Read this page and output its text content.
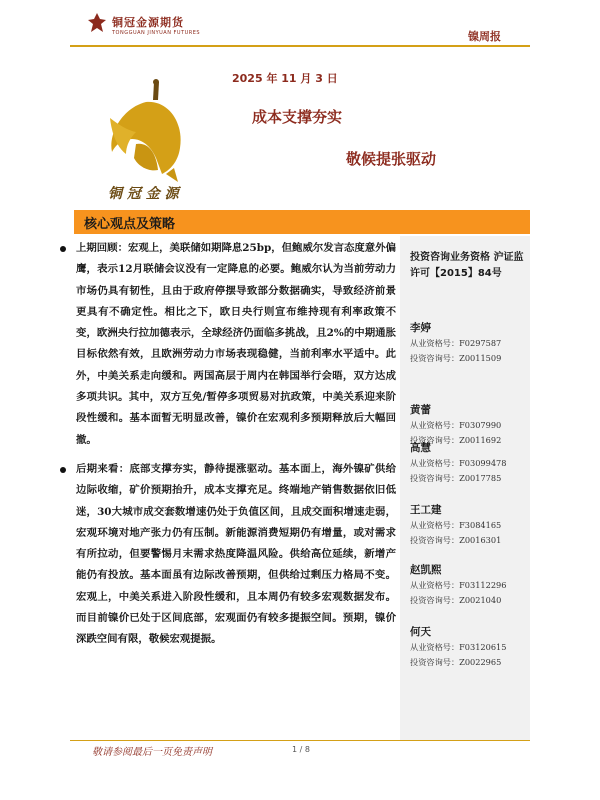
铜冠金源期货
TONGGUAN JINYUAN FUTURES	镍周报
2025 年 11 月 3 日
铜 冠 金 源
成本支撑夯实
敬候提张驱动
核心观点及策略

上期回顾：宏观上，美联储如期降息25bp，但鲍威尔发言态度意外偏鹰，表示12月联储会议没有一定降息的必要。鲍威尔认为当前劳动力市场仍具有韧性，且由于政府停摆导致部分数据确实，导致经济前景更具有不确定性。相比之下，欧日央行则宣布维持现有利率政策不变，欧洲央行拉加德表示，全球经济仍面临多挑战，且2%的中期通胀目标依然有效，且欧洲劳动力市场表现稳健，当前利率水平适中。此外，中美关系走向缓和。两国高层于周内在韩国举行会晤，双方达成多项共识。其中，双方互免/暂停多项贸易对抗政策，中美关系迎来阶段性缓和。基本面暂无明显改善，镍价在宏观利多预期释放后大幅回撤。

后期来看：底部支撑夯实，静待提涨驱动。基本面上，海外镍矿供给边际收缩，矿价预期抬升，成本支撑充足。终端地产销售数据依旧低迷，30大城市成交套数增速仍处于负值区间，且成交面积增速走弱，宏观环境对地产张力仍有压制。新能源消费短期仍有增量，或对需求有所拉动，但要警惕月末需求热度降温风险。供给高位延续，新增产能仍有投放。基本面虽有边际改善预期，但供给过剩压力格局不变。宏观上，中美关系进入阶段性缓和，且本周仍有较多宏观数据发布。而目前镍价已处于区间底部，宏观面仍有较多提振空间。预期，镍价深跌空间有限，敬候宏观提振。

投资咨询业务资格 沪证监许可【2015】84号
李婷
从业资格号：F0297587
投资咨询号：Z0011509
黄蕾
从业资格号：F0307990
投资咨询号：Z0011692
高慧
从业资格号：F03099478
投资咨询号：Z0017785
王工建
从业资格号：F3084165
投资咨询号：Z0016301
赵凯熙
从业资格号：F03112296
投资咨询号：Z0021040
何天
从业资格号：F03120615
投资咨询号：Z0022965
敬请参阅最后一页免责声明	1 / 8
